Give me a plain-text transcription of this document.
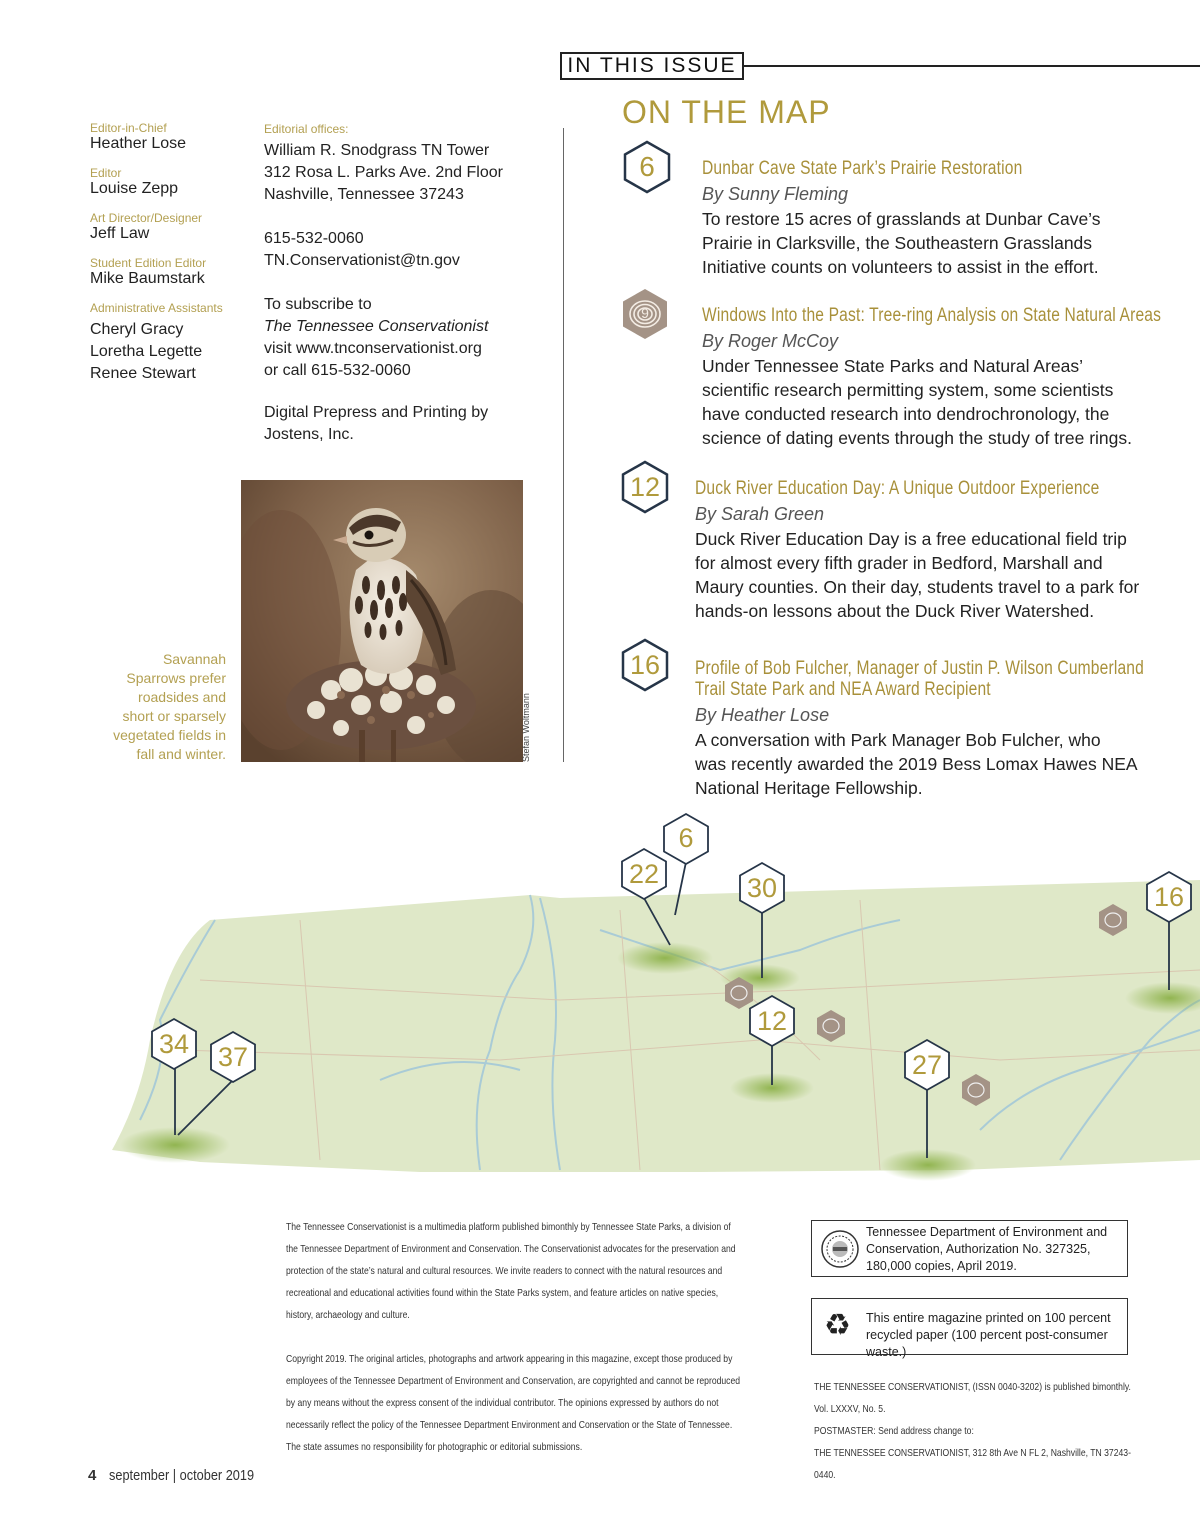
IN THIS ISSUE
ON THE MAP
Editor-in-Chief
Heather Lose
Editor
Louise Zepp
Art Director/Designer
Jeff Law
Student Edition Editor
Mike Baumstark
Administrative Assistants
Cheryl Gracy
Loretha Legette
Renee Stewart
Editorial offices:
William R. Snodgrass TN Tower
312 Rosa L. Parks Ave. 2nd Floor
Nashville, Tennessee 37243
615-532-0060
TN.Conservationist@tn.gov
To subscribe to
The Tennessee Conservationist
visit www.tnconservationist.org
or call 615-532-0060
Digital Prepress and Printing by
Jostens, Inc.
Stefan Woltmann
Savannah
Sparrows prefer
roadsides and
short or sparsely
vegetated fields in
fall and winter.
6 Dunbar Cave State Park’s Prairie Restoration
By Sunny Fleming
To restore 15 acres of grasslands at Dunbar Cave’s
Prairie in Clarksville, the Southeastern Grasslands
Initiative counts on volunteers to assist in the effort.
9	Windows Into the Past: Tree-ring Analysis on State Natural Areas
By Roger McCoy
Under Tennessee State Parks and Natural Areas’
scientific research permitting system, some scientists
have conducted research into dendrochronology, the
science of dating events through the study of tree rings.
12 Duck River Education Day: A Unique Outdoor Experience
By Sarah Green
Duck River Education Day is a free educational field trip
for almost every fifth grader in Bedford, Marshall and
Maury counties. On their day, students travel to a park for
hands-on lessons about the Duck River Watershed.
16 Profile of Bob Fulcher, Manager of Justin P. Wilson Cumberland
Trail State Park and NEA Award Recipient
By Heather Lose
A conversation with Park Manager Bob Fulcher, who
was recently awarded the 2019 Bess Lomax Hawes NEA
National Heritage Fellowship.
6
22	30	16
12
27
34 37
The Tennessee Conservationist is a multimedia platform published bimonthly by Tennessee State Parks, a division of
the Tennessee Department of Environment and Conservation. The Conservationist advocates for the preservation and
protection of the state’s natural and cultural resources. We invite readers to connect with the natural resources and
recreational and educational activities found within the State Parks system, and feature articles on native species,
history, archaeology and culture.
Copyright 2019. The original articles, photographs and artwork appearing in this magazine, except those produced by
employees of the Tennessee Department of Environment and Conservation, are copyrighted and cannot be reproduced
by any means without the express consent of the individual contributor. The opinions expressed by authors do not
necessarily reflect the policy of the Tennessee Department Environment and Conservation or the State of Tennessee.
The state assumes no responsibility for photographic or editorial submissions.
Tennessee Department of Environment and
Conservation, Authorization No. 327325,
180,000 copies, April 2019.
♻ This entire magazine printed on 100 percent
recycled paper (100 percent post-consumer waste.)
THE TENNESSEE CONSERVATIONIST, (ISSN 0040-3202) is published bimonthly.
Vol. LXXXV, No. 5.
POSTMASTER: Send address change to:
THE TENNESSEE CONSERVATIONIST, 312 8th Ave N FL 2, Nashville, TN 37243-0440.
4 september | october 2019
